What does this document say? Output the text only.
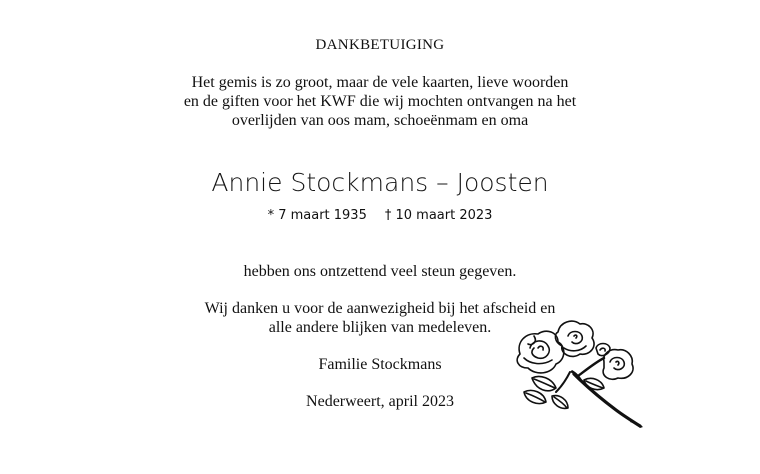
DANKBETUIGING
Het gemis is zo groot, maar de vele kaarten, lieve woorden
en de giften voor het KWF die wij mochten ontvangen na het
overlijden van oos mam, schoeënmam en oma
Annie Stockmans – Joosten
* 7 maart 1935 † 10 maart 2023
hebben ons ontzettend veel steun gegeven.
Wij danken u voor de aanwezigheid bij het afscheid en
alle andere blijken van medeleven.
Familie Stockmans
Nederweert, april 2023
